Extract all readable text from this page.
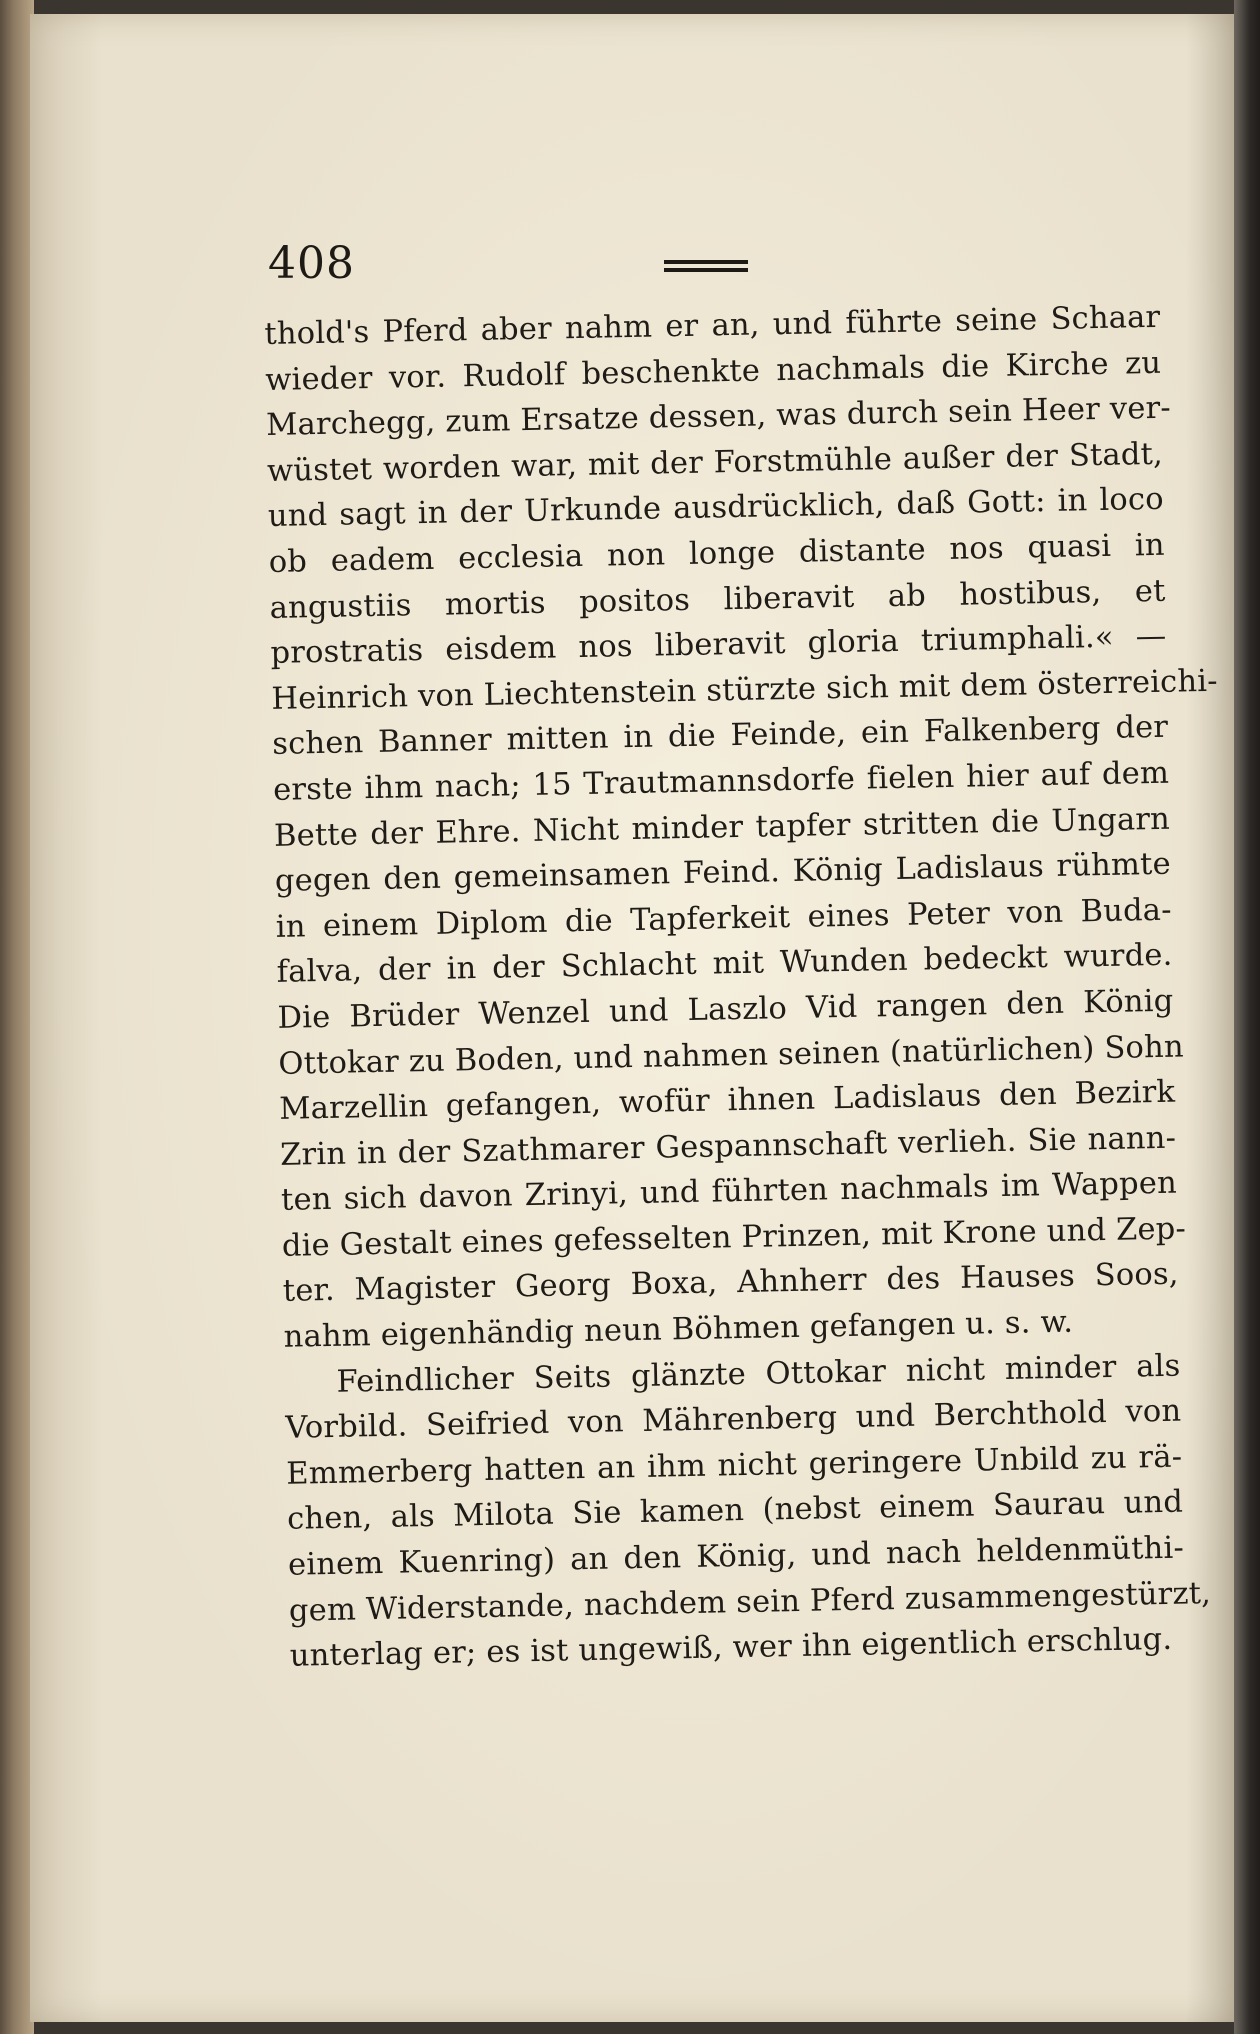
408
thold's Pferd aber nahm er an, und führte seine Schaar
wieder vor. Rudolf beschenkte nachmals die Kirche zu
Marchegg, zum Ersatze dessen, was durch sein Heer ver-
wüstet worden war, mit der Forstmühle außer der Stadt,
und sagt in der Urkunde ausdrücklich, daß Gott: in loco
ob eadem ecclesia non longe distante nos quasi in
angustiis mortis positos liberavit ab hostibus, et
prostratis eisdem nos liberavit gloria triumphali.« —
Heinrich von Liechtenstein stürzte sich mit dem österreichi-
schen Banner mitten in die Feinde, ein Falkenberg der
erste ihm nach; 15 Trautmannsdorfe fielen hier auf dem
Bette der Ehre. Nicht minder tapfer stritten die Ungarn
gegen den gemeinsamen Feind. König Ladislaus rühmte
in einem Diplom die Tapferkeit eines Peter von Buda-
falva, der in der Schlacht mit Wunden bedeckt wurde.
Die Brüder Wenzel und Laszlo Vid rangen den König
Ottokar zu Boden, und nahmen seinen (natürlichen) Sohn
Marzellin gefangen, wofür ihnen Ladislaus den Bezirk
Zrin in der Szathmarer Gespannschaft verlieh. Sie nann-
ten sich davon Zrinyi, und führten nachmals im Wappen
die Gestalt eines gefesselten Prinzen, mit Krone und Zep-
ter. Magister Georg Boxa, Ahnherr des Hauses Soos,
nahm eigenhändig neun Böhmen gefangen u. s. w.
Feindlicher Seits glänzte Ottokar nicht minder als
Vorbild. Seifried von Mährenberg und Berchthold von
Emmerberg hatten an ihm nicht geringere Unbild zu rä-
chen, als Milota Sie kamen (nebst einem Saurau und
einem Kuenring) an den König, und nach heldenmüthi-
gem Widerstande, nachdem sein Pferd zusammengestürzt,
unterlag er; es ist ungewiß, wer ihn eigentlich erschlug.
